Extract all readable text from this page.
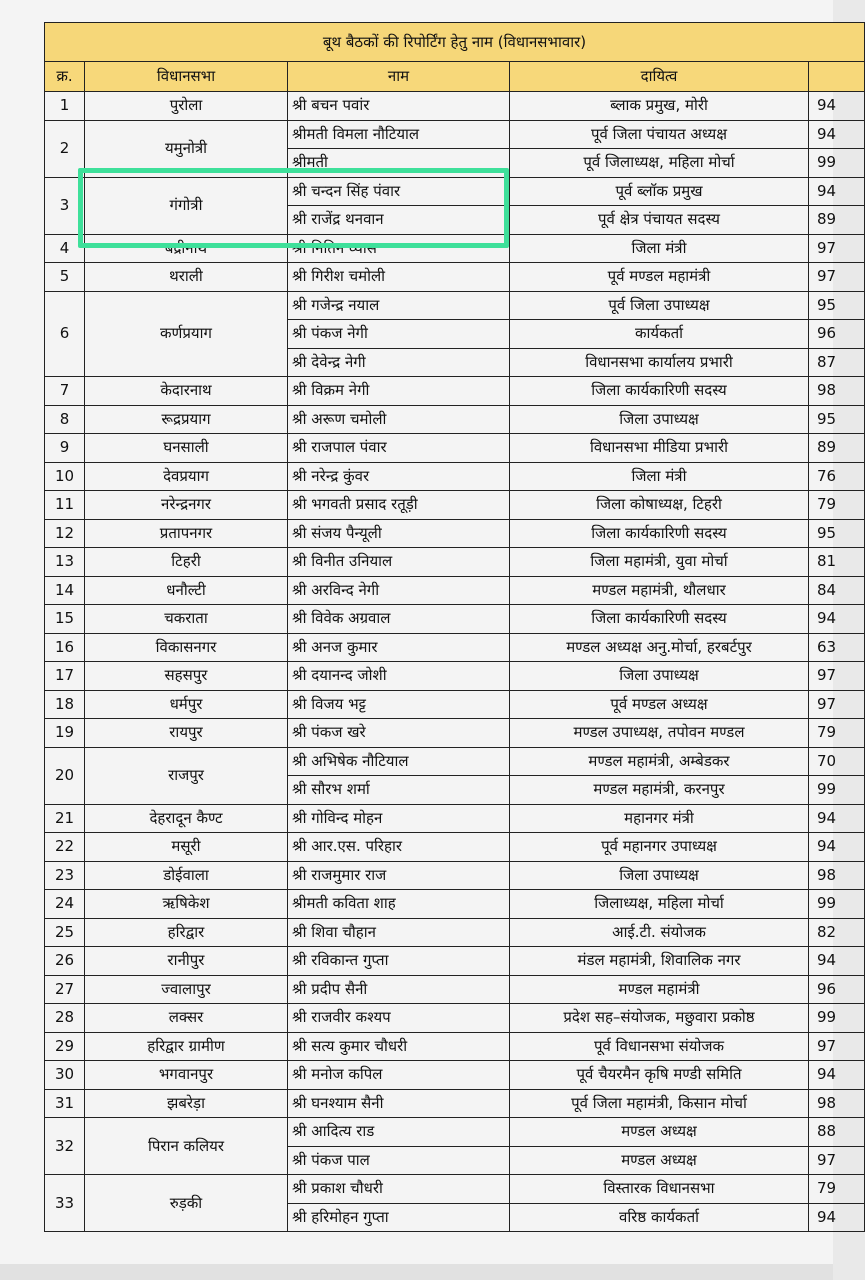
बूथ बैठकों की रिपोर्टिंग हेतु नाम (विधानसभावार)				
क्र.	विधानसभा	नाम	दायित्व	
1	पुरोला	श्री बचन पवांर	ब्लाक प्रमुख, मोरी	94
2	यमुनोत्री	श्रीमती विमला नौटियाल	पूर्व जिला पंचायत अध्यक्ष	94
		श्रीमती	पूर्व जिलाध्यक्ष, महिला मोर्चा	99
3	गंगोत्री	श्री चन्दन सिंह पंवार	पूर्व ब्लॉक प्रमुख	94
		श्री राजेंद्र थनवान	पूर्व क्षेत्र पंचायत सदस्य	89
4	बद्रीनाथ	श्री नितिन व्यास	जिला मंत्री	97
5	थराली	श्री गिरीश चमोली	पूर्व मण्डल महामंत्री	97
6	कर्णप्रयाग	श्री गजेन्द्र नयाल	पूर्व जिला उपाध्यक्ष	95
		श्री पंकज नेगी	कार्यकर्ता	96
		श्री देवेन्द्र नेगी	विधानसभा कार्यालय प्रभारी	87
7	केदारनाथ	श्री विक्रम नेगी	जिला कार्यकारिणी सदस्य	98
8	रूद्रप्रयाग	श्री अरूण चमोली	जिला उपाध्यक्ष	95
9	घनसाली	श्री राजपाल पंवार	विधानसभा मीडिया प्रभारी	89
10	देवप्रयाग	श्री नरेन्द्र कुंवर	जिला मंत्री	76
11	नरेन्द्रनगर	श्री भगवती प्रसाद रतूड़ी	जिला कोषाध्यक्ष, टिहरी	79
12	प्रतापनगर	श्री संजय पैन्यूली	जिला कार्यकारिणी सदस्य	95
13	टिहरी	श्री विनीत उनियाल	जिला महामंत्री, युवा मोर्चा	81
14	धनौल्टी	श्री अरविन्द नेगी	मण्डल महामंत्री, थौलधार	84
15	चकराता	श्री विवेक अग्रवाल	जिला कार्यकारिणी सदस्य	94
16	विकासनगर	श्री अनज कुमार	मण्डल अध्यक्ष अनु.मोर्चा, हरबर्टपुर	63
17	सहसपुर	श्री दयानन्द जोशी	जिला उपाध्यक्ष	97
18	धर्मपुर	श्री विजय भट्ट	पूर्व मण्डल अध्यक्ष	97
19	रायपुर	श्री पंकज खरे	मण्डल उपाध्यक्ष, तपोवन मण्डल	79
20	राजपुर	श्री अभिषेक नौटियाल	मण्डल महामंत्री, अम्बेडकर	70
		श्री सौरभ शर्मा	मण्डल महामंत्री, करनपुर	99
21	देहरादून कैण्ट	श्री गोविन्द मोहन	महानगर मंत्री	94
22	मसूरी	श्री आर.एस. परिहार	पूर्व महानगर उपाध्यक्ष	94
23	डोईवाला	श्री राजमुमार राज	जिला उपाध्यक्ष	98
24	ऋषिकेश	श्रीमती कविता शाह	जिलाध्यक्ष, महिला मोर्चा	99
25	हरिद्वार	श्री शिवा चौहान	आई.टी. संयोजक	82
26	रानीपुर	श्री रविकान्त गुप्ता	मंडल महामंत्री, शिवालिक नगर	94
27	ज्वालापुर	श्री प्रदीप सैनी	मण्डल महामंत्री	96
28	लक्सर	श्री राजवीर कश्यप	प्रदेश सह–संयोजक, मछुवारा प्रकोष्ठ	99
29	हरिद्वार ग्रामीण	श्री सत्य कुमार चौधरी	पूर्व विधानसभा संयोजक	97
30	भगवानपुर	श्री मनोज कपिल	पूर्व चैयरमैन कृषि मण्डी समिति	94
31	झबरेड़ा	श्री घनश्याम सैनी	पूर्व जिला महामंत्री, किसान मोर्चा	98
32	पिरान कलियर	श्री आदित्य राड	मण्डल अध्यक्ष	88
		श्री पंकज पाल	मण्डल अध्यक्ष	97
33	रुड़की	श्री प्रकाश चौधरी	विस्तारक विधानसभा	79
		श्री हरिमोहन गुप्ता	वरिष्ठ कार्यकर्ता	94
